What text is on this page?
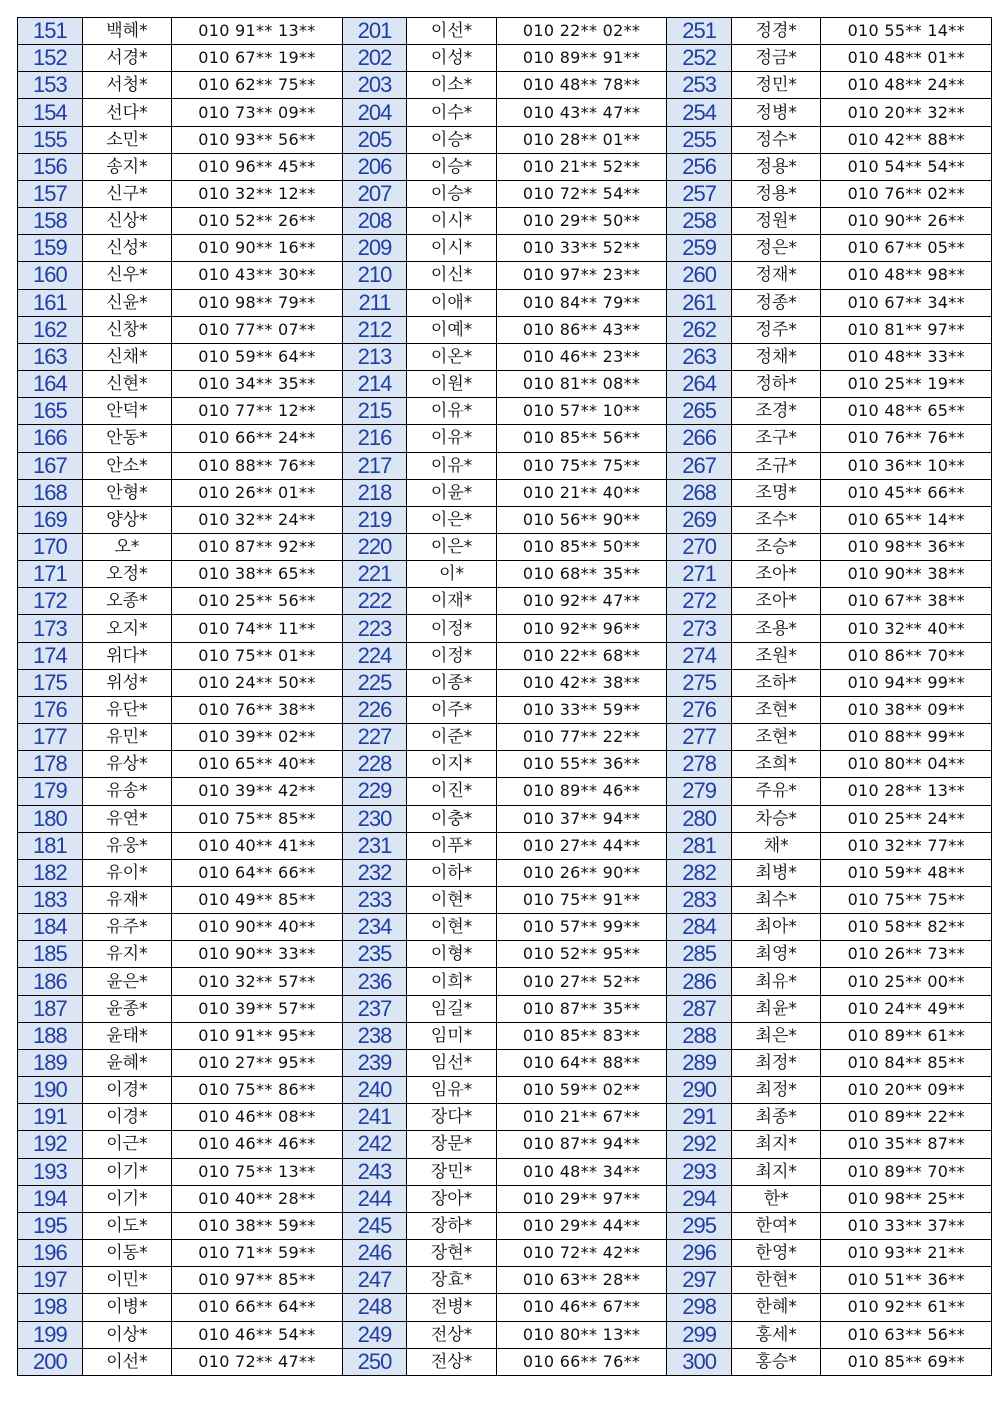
151	백혜*	010 91** 13**	201	이선*	010 22** 02**	251	정경*	010 55** 14**
152	서경*	010 67** 19**	202	이성*	010 89** 91**	252	정금*	010 48** 01**
153	서청*	010 62** 75**	203	이소*	010 48** 78**	253	정민*	010 48** 24**
154	선다*	010 73** 09**	204	이수*	010 43** 47**	254	정병*	010 20** 32**
155	소민*	010 93** 56**	205	이승*	010 28** 01**	255	정수*	010 42** 88**
156	송지*	010 96** 45**	206	이승*	010 21** 52**	256	정용*	010 54** 54**
157	신구*	010 32** 12**	207	이승*	010 72** 54**	257	정용*	010 76** 02**
158	신상*	010 52** 26**	208	이시*	010 29** 50**	258	정원*	010 90** 26**
159	신성*	010 90** 16**	209	이시*	010 33** 52**	259	정은*	010 67** 05**
160	신우*	010 43** 30**	210	이신*	010 97** 23**	260	정재*	010 48** 98**
161	신윤*	010 98** 79**	211	이애*	010 84** 79**	261	정종*	010 67** 34**
162	신창*	010 77** 07**	212	이예*	010 86** 43**	262	정주*	010 81** 97**
163	신채*	010 59** 64**	213	이온*	010 46** 23**	263	정채*	010 48** 33**
164	신현*	010 34** 35**	214	이원*	010 81** 08**	264	정하*	010 25** 19**
165	안덕*	010 77** 12**	215	이유*	010 57** 10**	265	조경*	010 48** 65**
166	안동*	010 66** 24**	216	이유*	010 85** 56**	266	조구*	010 76** 76**
167	안소*	010 88** 76**	217	이유*	010 75** 75**	267	조규*	010 36** 10**
168	안형*	010 26** 01**	218	이윤*	010 21** 40**	268	조명*	010 45** 66**
169	양상*	010 32** 24**	219	이은*	010 56** 90**	269	조수*	010 65** 14**
170	오*	010 87** 92**	220	이은*	010 85** 50**	270	조승*	010 98** 36**
171	오정*	010 38** 65**	221	이*	010 68** 35**	271	조아*	010 90** 38**
172	오종*	010 25** 56**	222	이재*	010 92** 47**	272	조아*	010 67** 38**
173	오지*	010 74** 11**	223	이정*	010 92** 96**	273	조용*	010 32** 40**
174	위다*	010 75** 01**	224	이정*	010 22** 68**	274	조원*	010 86** 70**
175	위성*	010 24** 50**	225	이종*	010 42** 38**	275	조하*	010 94** 99**
176	유단*	010 76** 38**	226	이주*	010 33** 59**	276	조현*	010 38** 09**
177	유민*	010 39** 02**	227	이준*	010 77** 22**	277	조현*	010 88** 99**
178	유상*	010 65** 40**	228	이지*	010 55** 36**	278	조희*	010 80** 04**
179	유송*	010 39** 42**	229	이진*	010 89** 46**	279	주유*	010 28** 13**
180	유연*	010 75** 85**	230	이충*	010 37** 94**	280	차승*	010 25** 24**
181	유웅*	010 40** 41**	231	이푸*	010 27** 44**	281	채*	010 32** 77**
182	유이*	010 64** 66**	232	이하*	010 26** 90**	282	최병*	010 59** 48**
183	유재*	010 49** 85**	233	이현*	010 75** 91**	283	최수*	010 75** 75**
184	유주*	010 90** 40**	234	이현*	010 57** 99**	284	최아*	010 58** 82**
185	유지*	010 90** 33**	235	이형*	010 52** 95**	285	최영*	010 26** 73**
186	윤은*	010 32** 57**	236	이희*	010 27** 52**	286	최유*	010 25** 00**
187	윤종*	010 39** 57**	237	임길*	010 87** 35**	287	최윤*	010 24** 49**
188	윤태*	010 91** 95**	238	임미*	010 85** 83**	288	최은*	010 89** 61**
189	윤혜*	010 27** 95**	239	임선*	010 64** 88**	289	최정*	010 84** 85**
190	이경*	010 75** 86**	240	임유*	010 59** 02**	290	최정*	010 20** 09**
191	이경*	010 46** 08**	241	장다*	010 21** 67**	291	최종*	010 89** 22**
192	이근*	010 46** 46**	242	장문*	010 87** 94**	292	최지*	010 35** 87**
193	이기*	010 75** 13**	243	장민*	010 48** 34**	293	최지*	010 89** 70**
194	이기*	010 40** 28**	244	장아*	010 29** 97**	294	한*	010 98** 25**
195	이도*	010 38** 59**	245	장하*	010 29** 44**	295	한여*	010 33** 37**
196	이동*	010 71** 59**	246	장현*	010 72** 42**	296	한영*	010 93** 21**
197	이민*	010 97** 85**	247	장효*	010 63** 28**	297	한현*	010 51** 36**
198	이병*	010 66** 64**	248	전병*	010 46** 67**	298	한혜*	010 92** 61**
199	이상*	010 46** 54**	249	전상*	010 80** 13**	299	홍세*	010 63** 56**
200	이선*	010 72** 47**	250	전상*	010 66** 76**	300	홍승*	010 85** 69**
